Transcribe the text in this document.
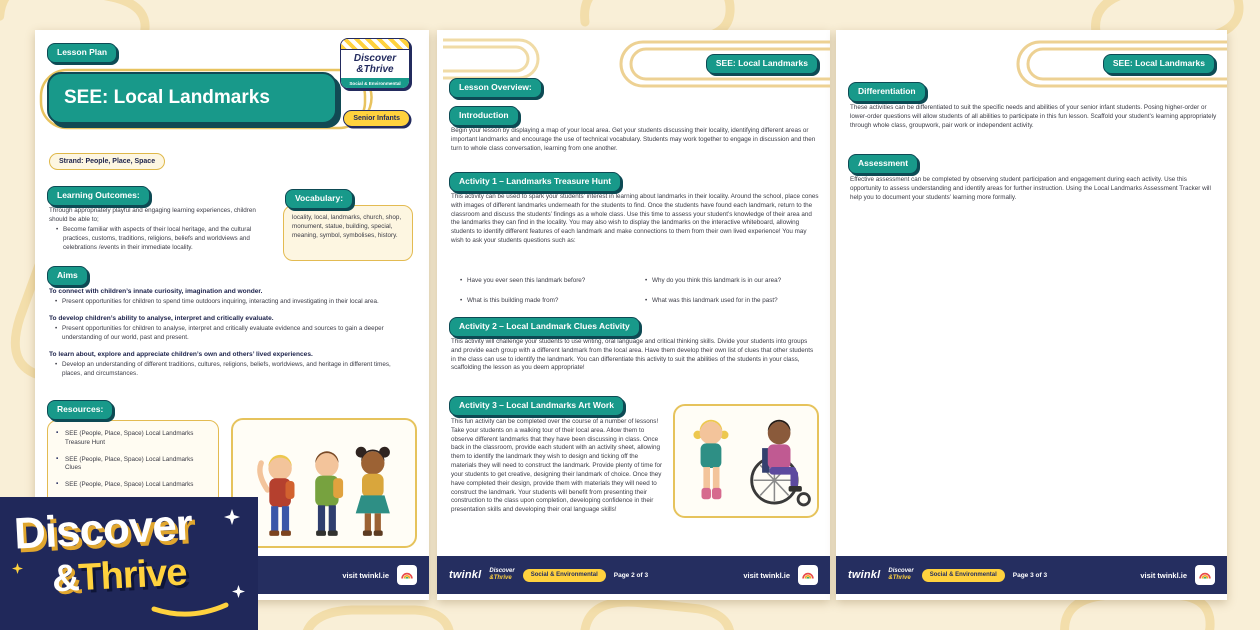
Lesson Plan
SEE: Local Landmarks
Discover
&Thrive
Social & Environmental
Senior Infants
Strand: People, Place, Space
Learning Outcomes:
Through appropriately playful and engaging learning experiences, children should be able to;
• Become familiar with aspects of their local heritage, and the cultural practices, customs, traditions, religions, beliefs and worldviews and celebrations /events in their immediate locality.
Vocabulary:
locality, local, landmarks, church, shop, monument, statue, building, special, meaning, symbol, symbolises, history.
Aims
To connect with children’s innate curiosity, imagination and wonder.
• Present opportunities for children to spend time outdoors inquiring, interacting and investigating in their local area.
To develop children’s ability to analyse, interpret and critically evaluate.
• Present opportunities for children to analyse, interpret and critically evaluate evidence and sources to gain a deeper understanding of our world, past and present.
To learn about, explore and appreciate children’s own and others’ lived experiences.
• Develop an understanding of different traditions, cultures, religions, beliefs, worldviews, and heritage in different times, places, and circumstances.
Resources:
▪ SEE (People, Place, Space) Local Landmarks Treasure Hunt
▪ SEE (People, Place, Space) Local Landmarks Clues
▪ SEE (People, Place, Space) Local Landmarks
visit twinkl.ie
SEE: Local Landmarks
Lesson Overview:
Introduction
Begin your lesson by displaying a map of your local area. Get your students discussing their locality, identifying different areas or important landmarks and encourage the use of technical vocabulary. Students may work together to engage in discussion and then turn to whole class conversation, learning from one another.
Activity 1 – Landmarks Treasure Hunt
This activity can be used to spark your students’ interest in learning about landmarks in their locality. Around the school, place cones with images of different landmarks underneath for the students to find. Once the students have found each landmark, return to the classroom and discuss the students’ findings as a whole class. Use this time to assess your student’s knowledge of their area and the landmarks they can find in the locality. You may also wish to display the landmarks on the interactive whiteboard, allowing students to identify different features of each landmark and make connections to them from their own lived experience! You may wish to ask your students questions such as:
• Have you ever seen this landmark before?	• Why do you think this landmark is in our area?
• What is this building made from?	• What was this landmark used for in the past?
Activity 2 – Local Landmark Clues Activity
This activity will challenge your students to use writing, oral language and critical thinking skills. Divide your students into groups and provide each group with a different landmark from the local area. Have them develop their own list of clues that other students in the class can use to identify the landmark. You can differentiate this activity to suit the abilities of the students in your class, scaffolding the lesson as you deem appropriate!
Activity 3 – Local Landmarks Art Work
This fun activity can be completed over the course of a number of lessons! Take your students on a walking tour of their local area. Allow them to observe different landmarks that they have been discussing in class. Once back in the classroom, provide each student with an activity sheet, allowing them to identify the landmark they wish to design and ticking off the materials they will need to construct the landmark. Provide plenty of time for your students to get creative, designing their landmark of choice. Once they have completed their design, provide them with materials they will need to construct the landmark. Your students will benefit from presenting their construction to the class upon completion, developing confidence in their presentation skills and developing their oral language skills!
twinkl Discover
&Thrive	Social & Environmental	Page 2 of 3	visit twinkl.ie
SEE: Local Landmarks
Differentiation
These activities can be differentiated to suit the specific needs and abilities of your senior infant students. Posing higher-order or lower-order questions will allow students of all abilities to participate in this fun lesson. Scaffold your student’s learning appropriately through whole class, groupwork, pair work or independent activity.
Assessment
Effective assessment can be completed by observing student participation and engagement during each activity. Use this opportunity to assess understanding and identify areas for further instruction. Using the Local Landmarks Assessment Tracker will help you to document your students’ learning more formally.
twinkl Discover
&Thrive	Social & Environmental	Page 3 of 3	visit twinkl.ie
Discover
&Thrive
